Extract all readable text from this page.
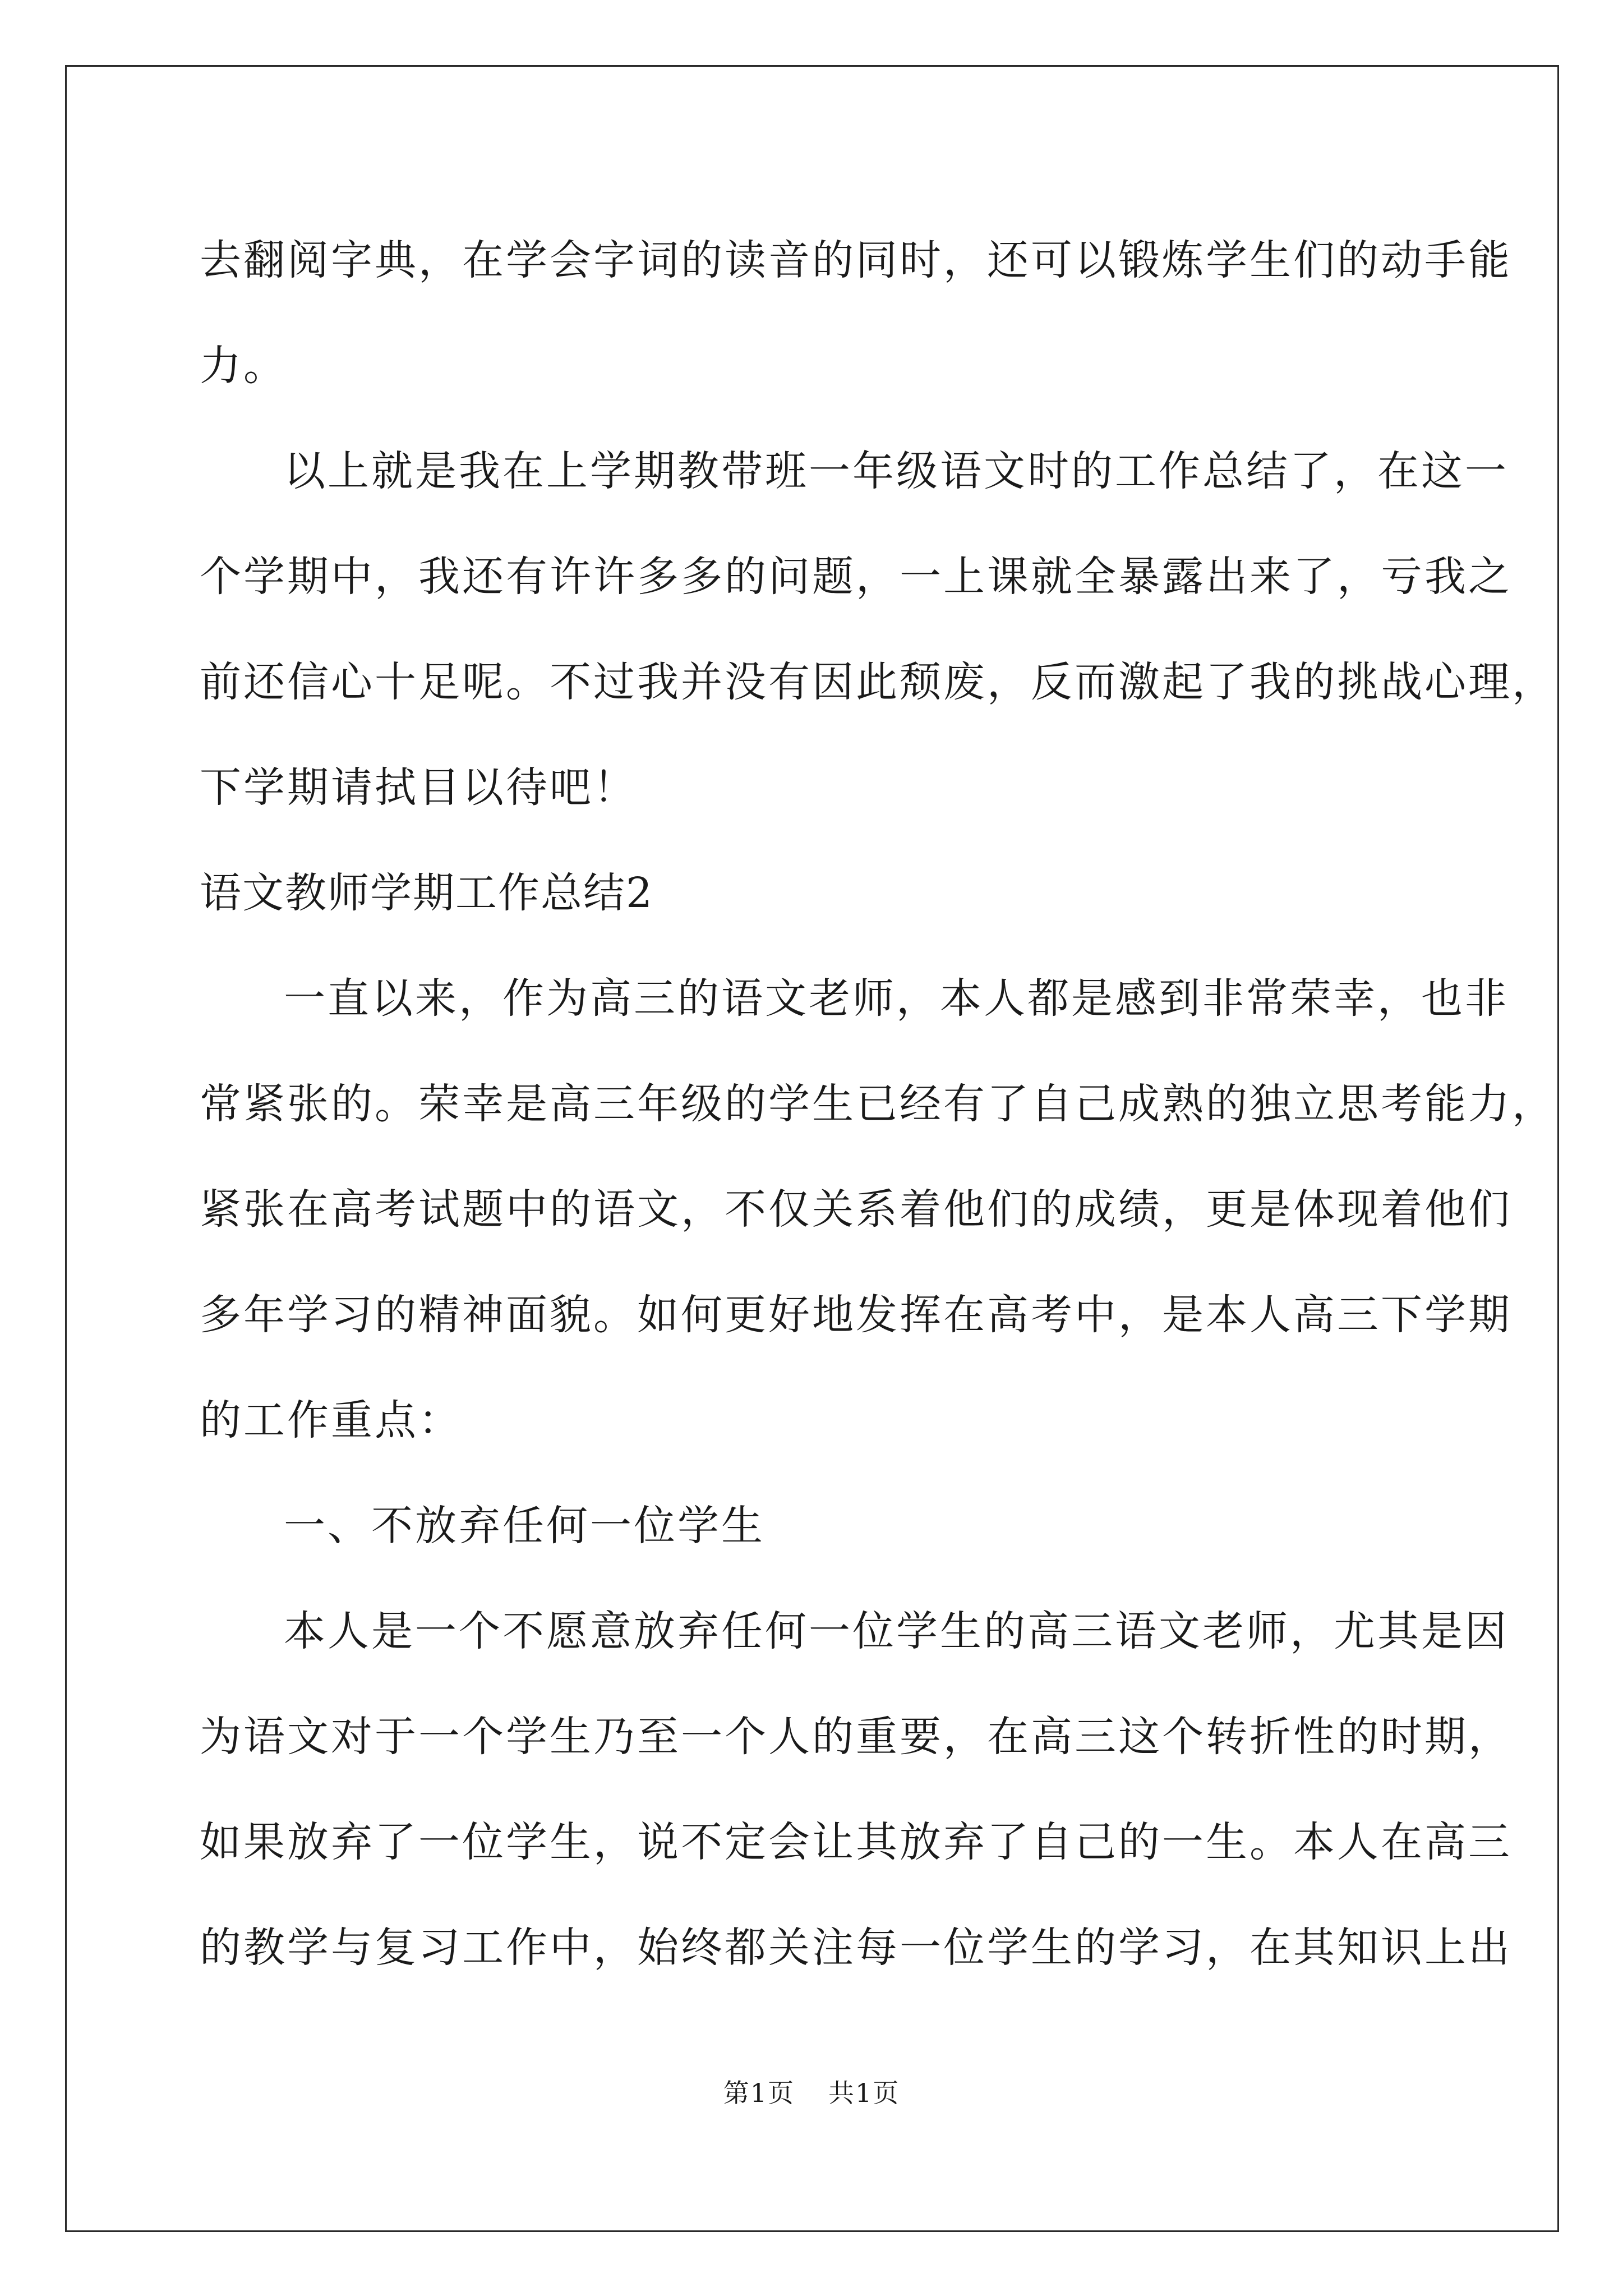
去翻阅字典，在学会字词的读音的同时，还可以锻炼学生们的动手能
力。
以上就是我在上学期教带班一年级语文时的工作总结了，在这一
个学期中，我还有许许多多的问题，一上课就全暴露出来了，亏我之
前还信心十足呢。不过我并没有因此颓废，反而激起了我的挑战心理，
下学期请拭目以待吧！
语文教师学期工作总结2
一直以来，作为高三的语文老师，本人都是感到非常荣幸，也非
常紧张的。荣幸是高三年级的学生已经有了自己成熟的独立思考能力，
紧张在高考试题中的语文，不仅关系着他们的成绩，更是体现着他们
多年学习的精神面貌。如何更好地发挥在高考中，是本人高三下学期
的工作重点：
一、不放弃任何一位学生
本人是一个不愿意放弃任何一位学生的高三语文老师，尤其是因
为语文对于一个学生乃至一个人的重要，在高三这个转折性的时期，
如果放弃了一位学生，说不定会让其放弃了自己的一生。本人在高三
的教学与复习工作中，始终都关注每一位学生的学习，在其知识上出
第1页 共1页
